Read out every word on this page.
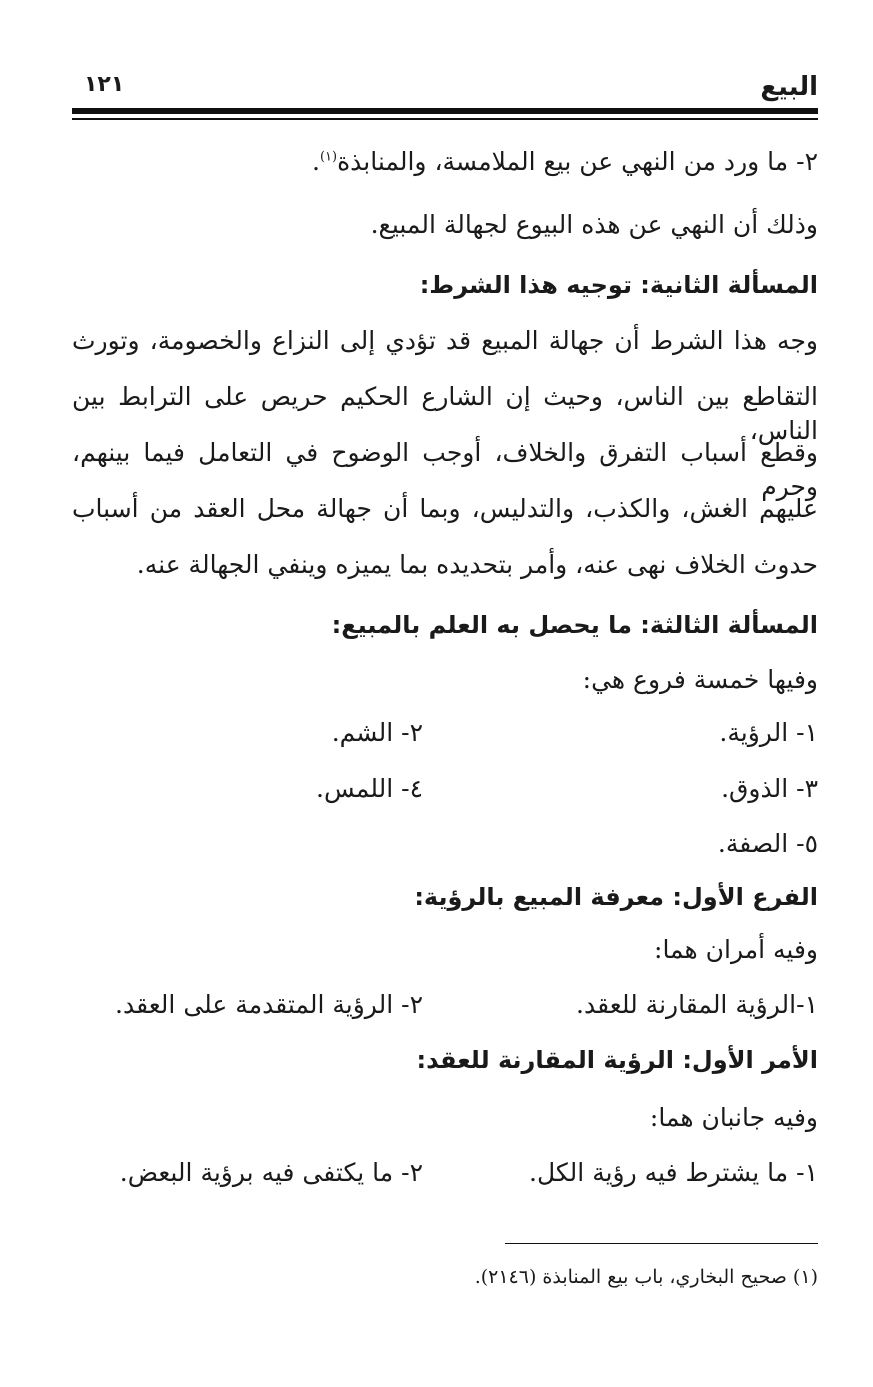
البيع
١٢١
٢- ما ورد من النهي عن بيع الملامسة، والمنابذة$^{(١)}$.
وذلك أن النهي عن هذه البيوع لجهالة المبيع.
المسألة الثانية: توجيه هذا الشرط:
وجه هذا الشرط أن جهالة المبيع قد تؤدي إلى النزاع والخصومة، وتورث
التقاطع بين الناس، وحيث إن الشارع الحكيم حريص على الترابط بين الناس،
وقطع أسباب التفرق والخلاف، أوجب الوضوح في التعامل فيما بينهم، وحرم
عليهم الغش، والكذب، والتدليس، وبما أن جهالة محل العقد من أسباب
حدوث الخلاف نهى عنه، وأمر بتحديده بما يميزه وينفي الجهالة عنه.
المسألة الثالثة: ما يحصل به العلم بالمبيع:
وفيها خمسة فروع هي:
١- الرؤية.
٢- الشم.
٣- الذوق.
٤- اللمس.
٥- الصفة.
الفرع الأول: معرفة المبيع بالرؤية:
وفيه أمران هما:
١-الرؤية المقارنة للعقد.
٢- الرؤية المتقدمة على العقد.
الأمر الأول: الرؤية المقارنة للعقد:
وفيه جانبان هما:
١- ما يشترط فيه رؤية الكل.
٢- ما يكتفى فيه برؤية البعض.
(١) صحيح البخاري، باب بيع المنابذة (٢١٤٦).
